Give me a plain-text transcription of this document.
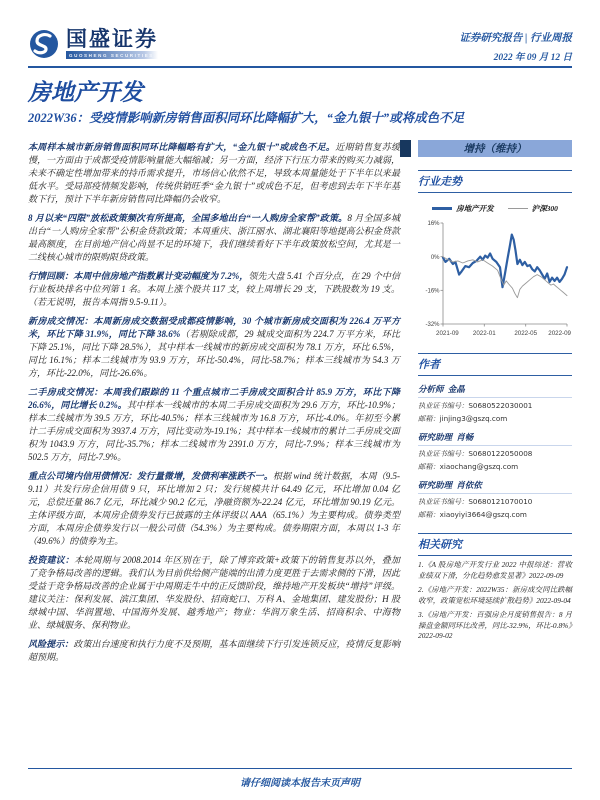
国盛证券
GUOSHENG SECURITIES
证券研究报告 | 行业周报
2022 年 09 月 12 日
房地产开发
2022W36：受疫情影响新房销售面积同环比降幅扩大，“金九银十”或将成色不足

本周样本城市新房销售面积同环比降幅略有扩大，“金九银十”或成色不足。近期销售复苏缓慢，一方面由于成都受疫情影响量能大幅缩减；另一方面，经济下行压力带来的购买力减弱，未来不确定性增加带来的持币需求提升，市场信心依然不足，导致本周量能处于下半年以来最低水平。受局部疫情频发影响，传统供销旺季“金九银十”或成色不足，但考虑到去年下半年基数下行，预计下半年新房销售同比降幅仍会收窄。

8 月以来“四限”放松政策频次有所提高，全国多地出台“一人购房全家帮”政策。8 月全国多城出台“一人购房全家帮”公积金贷款政策；本周重庆、浙江丽水、湖北襄阳等地提高公积金贷款最高额度，在目前地产信心尚显不足的环境下，我们继续看好下半年政策放松空间，尤其是一二线核心城市的限购限贷政策。

行情回顾：本周中信房地产指数累计变动幅度为 7.2%，领先大盘 5.41 个百分点，在 29 个中信行业板块排名中位列第 1 名。本周上涨个股共 117 支，较上周增长 29 支，下跌股数为 19 支。（若无说明，报告本周指 9.5-9.11）。

新房成交情况：本周新房成交数据受成都疫情影响，30 个城市新房成交面积为 226.4 万平方米，环比下降 31.9%，同比下降 38.6%（若剔除成都，29 城成交面积为 224.7 万平方米，环比下降 25.1%，同比下降 28.5%），其中样本一线城市的新房成交面积为 78.1 万方，环比 6.5%，同比 16.1%；样本二线城市为 93.9 万方，环比-50.4%，同比-58.7%；样本三线城市为 54.3 万方，环比-22.0%，同比-26.6%。

二手房成交情况：本周我们跟踪的 11 个重点城市二手房成交面积合计 85.9 万方，环比下降 26.6%，同比增长 0.2%。其中样本一线城市的本周二手房成交面积为 29.6 万方，环比-10.9%；样本二线城市为 39.5 万方，环比-40.5%；样本三线城市为 16.8 万方，环比-4.0%。年初至今累计二手房成交面积为 3937.4 万方，同比变动为-19.1%；其中样本一线城市的累计二手房成交面积为 1043.9 万方，同比-35.7%；样本二线城市为 2391.0 万方，同比-7.9%；样本三线城市为 502.5 万方，同比-7.9%。

重点公司境内信用债情况：发行量微增，发债利率涨跌不一。根据 wind 统计数据，本周（9.5-9.11）共发行房企信用债 9 只，环比增加 2 只；发行规模共计 64.49 亿元，环比增加 0.04 亿元，总偿还量 86.7 亿元，环比减少 90.2 亿元，净融资额为-22.24 亿元，环比增加 90.19 亿元。主体评级方面，本周房企债券发行已披露的主体评级以 AAA（65.1%）为主要构成。债券类型方面，本周房企债券发行以一般公司债（54.3%）为主要构成。债券期限方面，本周以 1-3 年（49.6%）的债券为主。

投资建议：本轮周期与 2008.2014 年区别在于，除了博弈政策+政策下的销售复苏以外，叠加了竞争格局改善的逻辑。我们认为目前供给侧产能端的出清力度更胜于去需求侧的下滑，因此受益于竞争格局改善的企业属于中周期走牛中的正反馈阶段，维持地产开发板块“增持”评级。建议关注：保利发展、滨江集团、华发股份、招商蛇口、万科 A、金地集团、建发股份；H 股绿城中国、华润置地、中国海外发展、越秀地产；物业：华润万象生活、招商积余、中海物业、绿城服务、保利物业。

风险提示：政策出台速度和执行力度不及预期，基本面继续下行引发连锁反应，疫情反复影响超预期。

增持（维持）
行业走势
房地产开发	沪深300
16%
0%
-16%
-32%
2021-09 2022-01	2022-05 2022-09
作者
分析师 金晶
执业证书编号：S0680522030001
邮箱：jinjing3@gszq.com
研究助理 肖畅
执业证书编号：S0680122050008
邮箱：xiaochang@gszq.com
研究助理 肖依依
执业证书编号：S0680121070010
邮箱：xiaoyiyi3664@gszq.com
相关研究
1.《A 股房地产开发行业 2022 中报综述：营收业绩双下滑，分化趋势愈发显著》2022-09-09
2.《房地产开发：2022W35：新房成交同比跌幅收窄，政策宽松环境延续扩散趋势》2022-09-04
3.《房地产开发：百强房企月度销售报告：8 月操盘金额同环比改善，同比-32.9%，环比-0.8%》2022-09-02
请仔细阅读本报告末页声明
